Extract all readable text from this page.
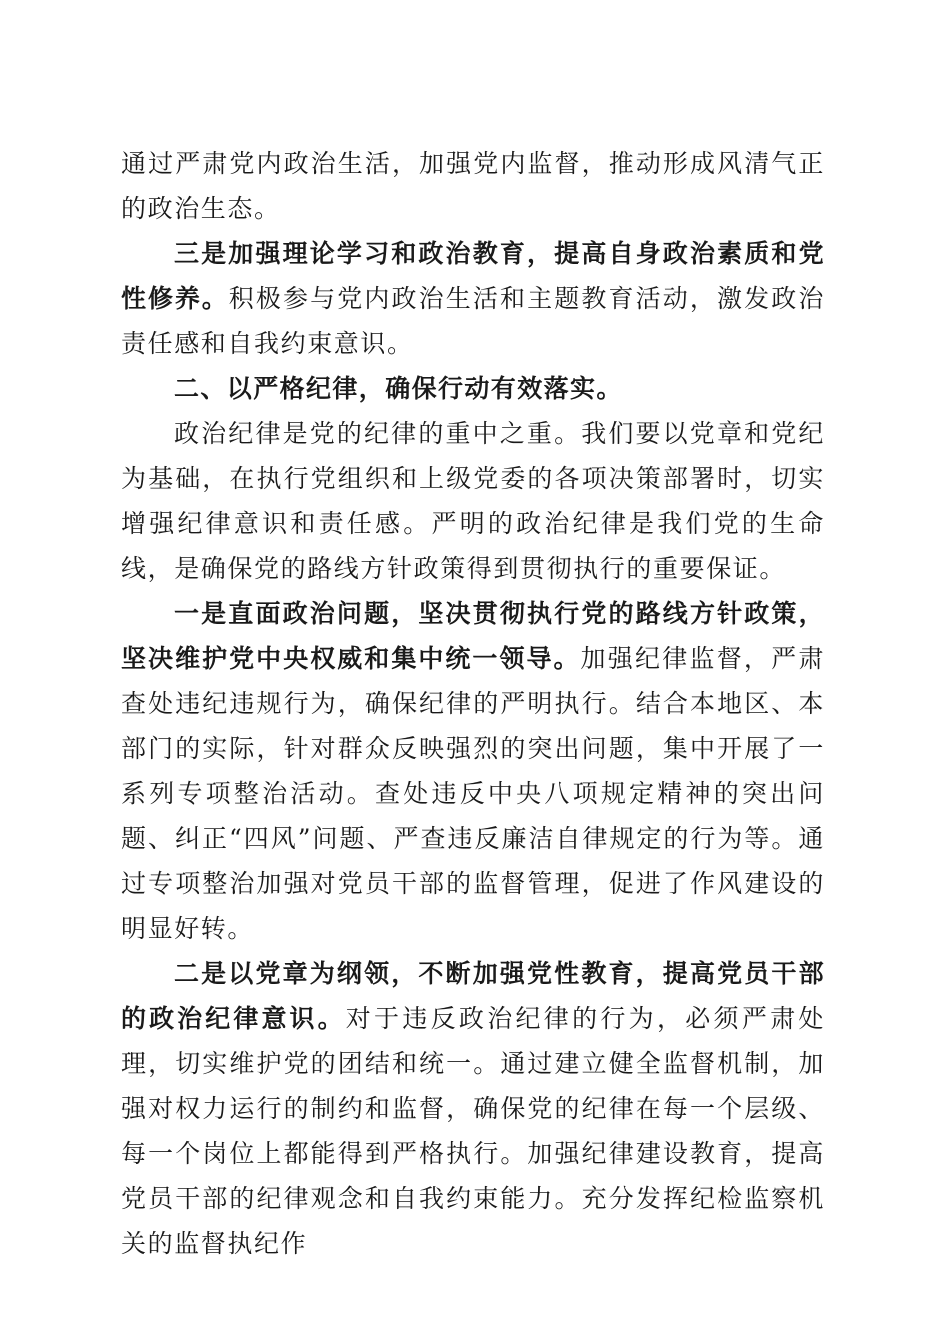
通过严肃党内政治生活，加强党内监督，推动形成风清气正的政治生态。

三是加强理论学习和政治教育，提高自身政治素质和党性修养。积极参与党内政治生活和主题教育活动，激发政治责任感和自我约束意识。

二、以严格纪律，确保行动有效落实。

政治纪律是党的纪律的重中之重。我们要以党章和党纪为基础，在执行党组织和上级党委的各项决策部署时，切实增强纪律意识和责任感。严明的政治纪律是我们党的生命线，是确保党的路线方针政策得到贯彻执行的重要保证。

一是直面政治问题，坚决贯彻执行党的路线方针政策，坚决维护党中央权威和集中统一领导。加强纪律监督，严肃查处违纪违规行为，确保纪律的严明执行。结合本地区、本部门的实际，针对群众反映强烈的突出问题，集中开展了一系列专项整治活动。查处违反中央八项规定精神的突出问题、纠正“四风”问题、严查违反廉洁自律规定的行为等。通过专项整治加强对党员干部的监督管理，促进了作风建设的明显好转。

二是以党章为纲领，不断加强党性教育，提高党员干部的政治纪律意识。对于违反政治纪律的行为，必须严肃处理，切实维护党的团结和统一。通过建立健全监督机制，加强对权力运行的制约和监督，确保党的纪律在每一个层级、每一个岗位上都能得到严格执行。加强纪律建设教育，提高党员干部的纪律观念和自我约束能力。充分发挥纪检监察机关的监督执纪作
